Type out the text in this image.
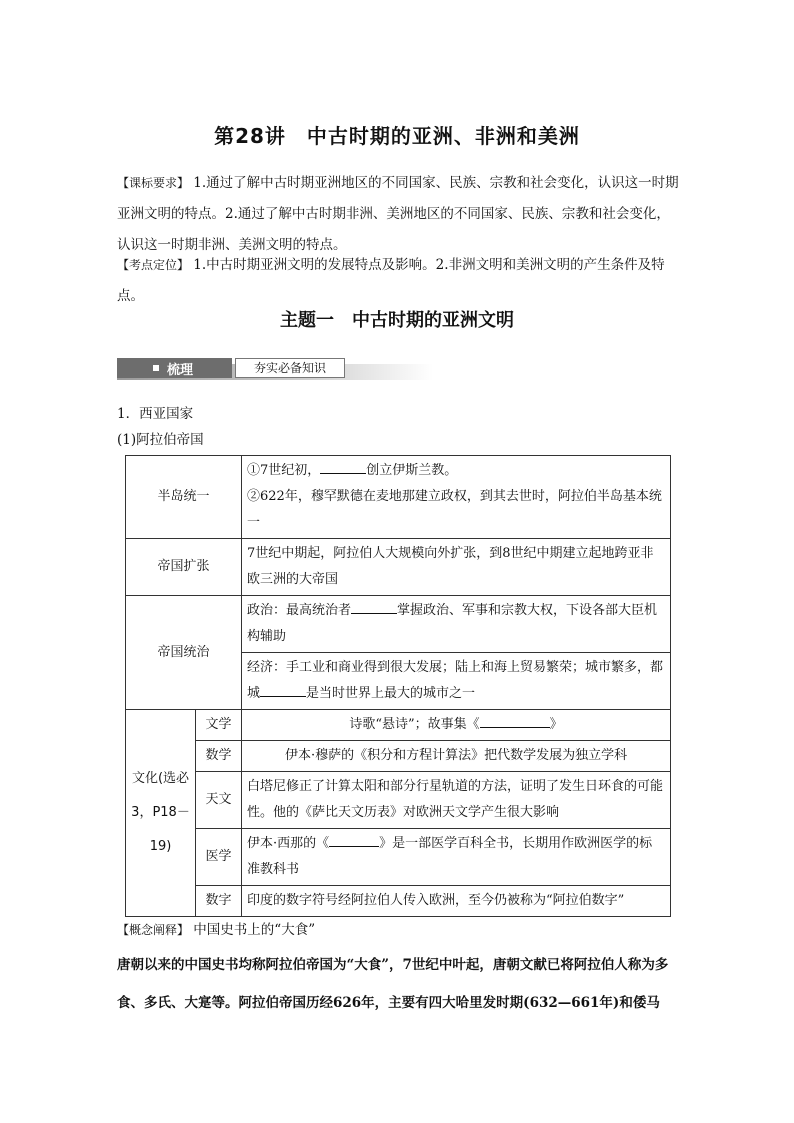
第28讲　中古时期的亚洲、非洲和美洲
【课标要求】 1.通过了解中古时期亚洲地区的不同国家、民族、宗教和社会变化，认识这一时期亚洲文明的特点。2.通过了解中古时期非洲、美洲地区的不同国家、民族、宗教和社会变化，认识这一时期非洲、美洲文明的特点。
【考点定位】 1.中古时期亚洲文明的发展特点及影响。2.非洲文明和美洲文明的产生条件及特点。
主题一　中古时期的亚洲文明
梳理	夯实必备知识
1．西亚国家
(1)阿拉伯帝国
半岛统一		①7世纪初， 创立伊斯兰教。
②622年，穆罕默德在麦地那建立政权，到其去世时，阿拉伯半岛基本统一

帝国扩张		7世纪中期起，阿拉伯人大规模向外扩张，到8世纪中期建立起地跨亚非欧三洲的大帝国
帝国统治		政治：最高统治者 掌握政治、军事和宗教大权，下设各部大臣机构辅助
		经济：手工业和商业得到很大发展；陆上和海上贸易繁荣；城市繁多，都城 是当时世界上最大的城市之一
文化(选必3，P18－19)	文学	诗歌“悬诗”；故事集《 》
	数学	伊本·穆萨的《积分和方程计算法》把代数学发展为独立学科
	天文	白塔尼修正了计算太阳和部分行星轨道的方法，证明了发生日环食的可能性。他的《萨比天文历表》对欧洲天文学产生很大影响
	医学	伊本·西那的《 》是一部医学百科全书，长期用作欧洲医学的标准教科书
	数字	印度的数字符号经阿拉伯人传入欧洲，至今仍被称为“阿拉伯数字”
【概念阐释】 中国史书上的“大食”
唐朝以来的中国史书均称阿拉伯帝国为“大食”，7世纪中叶起，唐朝文献已将阿拉伯人称为多食、多氏、大寔等。阿拉伯帝国历经626年，主要有四大哈里发时期(632—661年)和倭马
